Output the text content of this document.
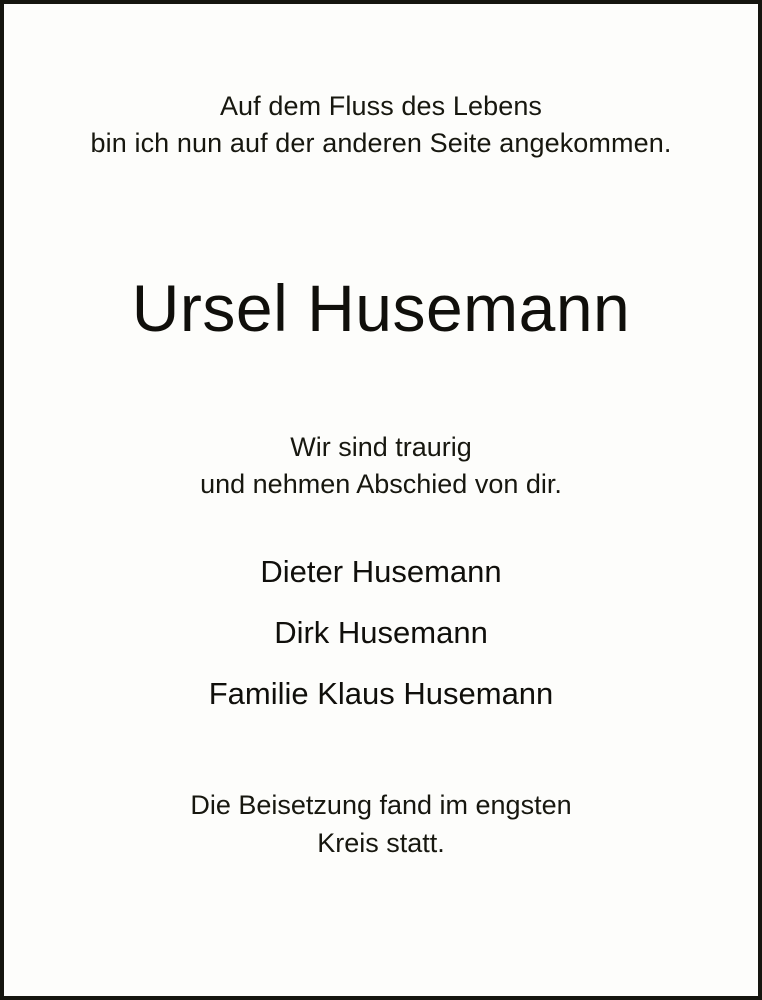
Auf dem Fluss des Lebens
bin ich nun auf der anderen Seite angekommen.
Ursel Husemann
Wir sind traurig
und nehmen Abschied von dir.
Dieter Husemann
Dirk Husemann
Familie Klaus Husemann
Die Beisetzung fand im engsten
Kreis statt.
